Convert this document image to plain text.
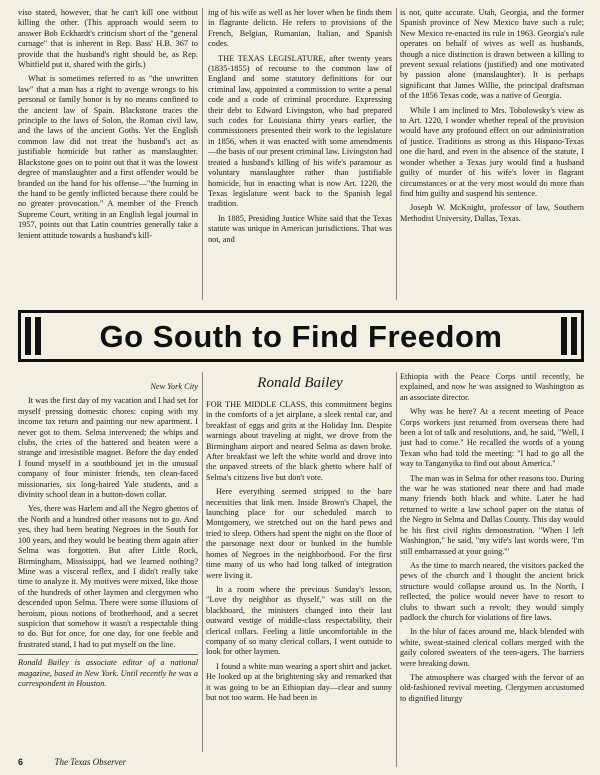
viso stated, however, that he can't kill one without killing the other. (This approach would seem to answer Bob Eckhardt's criticism short of the "general carnage" that is inherent in Rep. Bass' H.B. 367 to provide that the husband's right should be, as Rep. Whitfield put it, shared with the girls.)

What is sometimes referred to as "the unwritten law" that a man has a right to avenge wrongs to his personal or family honor is by no means confined to the ancient law of Spain. Blackstone traces the principle to the laws of Solon, the Roman civil law, and the laws of the ancient Goths. Yet the English common law did not treat the husband's act as justifiable homicide but rather as manslaughter. Blackstone goes on to point out that it was the lowest degree of manslaughter and a first offender would be branded on the hand for his offense—"the burning in the hand to be gently inflicted because there could be no greater provocation." A member of the French Supreme Court, writing in an English legal journal in 1957, points out that Latin countries generally take a lenient attitude towards a husband's kill-

ing of his wife as well as her lover when he finds them in flagrante delicto. He refers to provisions of the French, Belgian, Rumanian, Italian, and Spanish codes.

THE TEXAS LEGISLATURE, after twenty years (1835-1855) of recourse to the common law of England and some statutory definitions for our criminal law, appointed a commission to write a penal code and a code of criminal procedure. Expressing their debt to Edward Livingston, who had prepared such codes for Louisiana thirty years earlier, the commissioners presented their work to the legislature in 1856, when it was enacted with some amendments—the basis of our present criminal law. Livingston had treated a husband's killing of his wife's paramour as voluntary manslaughter rather than justifiable homicide, but in enacting what is now Art. 1220, the Texas legislature went back to the Spanish legal tradition.

In 1885, Presiding Justice White said that the Texas statute was unique in American jurisdictions. That was not, and

is not, quite accurate. Utah, Georgia, and the former Spanish province of New Mexico have such a rule; New Mexico re-enacted its rule in 1963. Georgia's rule operates on behalf of wives as well as husbands, though a nice distinction is drawn between a killing to prevent sexual relations (justified) and one motivated by passion alone (manslaughter). It is perhaps significant that James Willie, the principal draftsman of the 1856 Texas code, was a native of Georgia.

While I am inclined to Mrs. Tobolowsky's view as to Art. 1220, I wonder whether repeal of the provision would have any profound effect on our administration of justice. Traditions as strong as this Hispano-Texas one die hard, and even in the absence of the statute, I wonder whether a Texas jury would find a husband guilty of murder of his wife's lover in flagrant circumstances or at the very most would do more than find him guilty and suspend his sentence.

Joseph W. McKnight, professor of law, Southern Methodist University, Dallas, Texas.

Go South to Find Freedom
Ronald Bailey

New York City

It was the first day of my vacation and I had set for myself pressing domestic chores: coping with my income tax return and painting our new apartment. I never got to them. Selma intervened; the whips and clubs, the cries of the battered and beaten were a strange and irresistible magnet. Before the day ended I found myself in a southbound jet in the unusual company of four minister friends, ten clean-faced missionaries, six long-haired Yale students, and a divinity school dean in a button-down collar.

Yes, there was Harlem and all the Negro ghettos of the North and a hundred other reasons not to go. And yes, they had been beating Negroes in the South for 100 years, and they would be beating them again after Selma was forgotten. But after Little Rock, Birmingham, Mississippi, had we learned nothing? Mine was a visceral reflex, and I didn't really take time to analyze it. My motives were mixed, like those of the hundreds of other laymen and clergymen who descended upon Selma. There were some illusions of heroism, pious notions of brotherhood, and a secret suspicion that somehow it wasn't a respectable thing to do. But for once, for one day, for one feeble and frustrated stand, I had to put myself on the line.

Ronald Bailey is associate editor of a national magazine, based in New York. Until recently he was a correspondent in Houston.

FOR THE MIDDLE CLASS, this commitment begins in the comforts of a jet airplane, a sleek rental car, and breakfast of eggs and grits at the Holiday Inn. Despite warnings about traveling at night, we drove from the Birmingham airport and neared Selma as dawn broke. After breakfast we left the white world and drove into the unpaved streets of the black ghetto where half of Selma's citizens live but don't vote.

Here everything seemed stripped to the bare necessities that link men. Inside Brown's Chapel, the launching place for our scheduled march to Montgomery, we stretched out on the hard pews and tried to sleep. Others had spent the night on the floor of the parsonage next door or bunked in the humble homes of Negroes in the neighborhood. For the first time many of us who had long talked of integration were living it.

In a room where the previous Sunday's lesson, "Love thy neighbor as thyself," was still on the blackboard, the ministers changed into their last outward vestige of middle-class respectability, their clerical collars. Feeling a little uncomfortable in the company of so many clerical collars, I went outside to look for other laymen.

I found a white man wearing a sport shirt and jacket. He looked up at the brightening sky and remarked that it was going to be an Ethiopian day—clear and sunny but not too warm. He had been in

Ethiopia with the Peace Corps until recently, he explained, and now he was assigned to Washington as an associate director.

Why was he here? At a recent meeting of Peace Corps workers just returned from overseas there had been a lot of talk and resolutions, and, he said, "Well, I just had to come." He recalled the words of a young Texan who had told the meeting: "I had to go all the way to Tanganyika to find out about America."

The man was in Selma for other reasons too. During the war he was stationed near there and had made many friends both black and white. Later he had returned to write a law school paper on the status of the Negro in Selma and Dallas County. This day would be his first civil rights demonstration. "When I left Washington," he said, "my wife's last words were, 'I'm still embarrassed at your going.'"

As the time to march neared, the visitors packed the pews of the church and I thought the ancient brick structure would collapse around us. In the North, I reflected, the police would never have to resort to clubs to thwart such a revolt; they would simply padlock the church for violations of fire laws.

In the blur of faces around me, black blended with white, sweat-stained clerical collars merged with the gaily colored sweaters of the teen-agers. The barriers were breaking down.

The atmosphere was charged with the fervor of an old-fashioned revival meeting. Clergymen accustomed to dignified liturgy

6	The Texas Observer
